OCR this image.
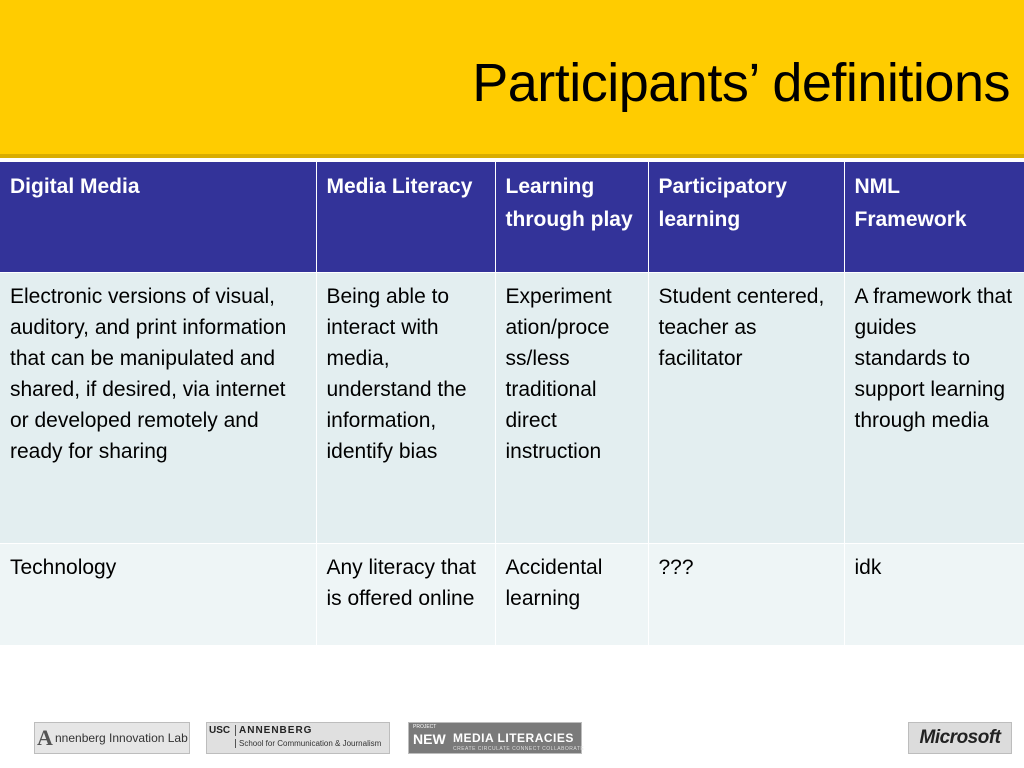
Participants’ definitions
Digital Media	Media Literacy	Learning through play	Participatory learning	NML Framework
Electronic versions of visual, auditory, and print information that can be manipulated and shared, if desired, via internet or developed remotely and ready for sharing	Being able to interact with media, understand the information, identify bias	Experiment ation/proce ss/less traditional direct instruction	Student centered, teacher as facilitator	A framework that guides standards to support learning through media
Technology	Any literacy that is offered online	Accidental learning	???	idk
Annenberg Innovation Lab
USC ANNENBERG
School for Communication & Journalism
PROJECT
NEW MEDIA LITERACIES
CREATE CIRCULATE CONNECT COLLABORATE
Microsoft
